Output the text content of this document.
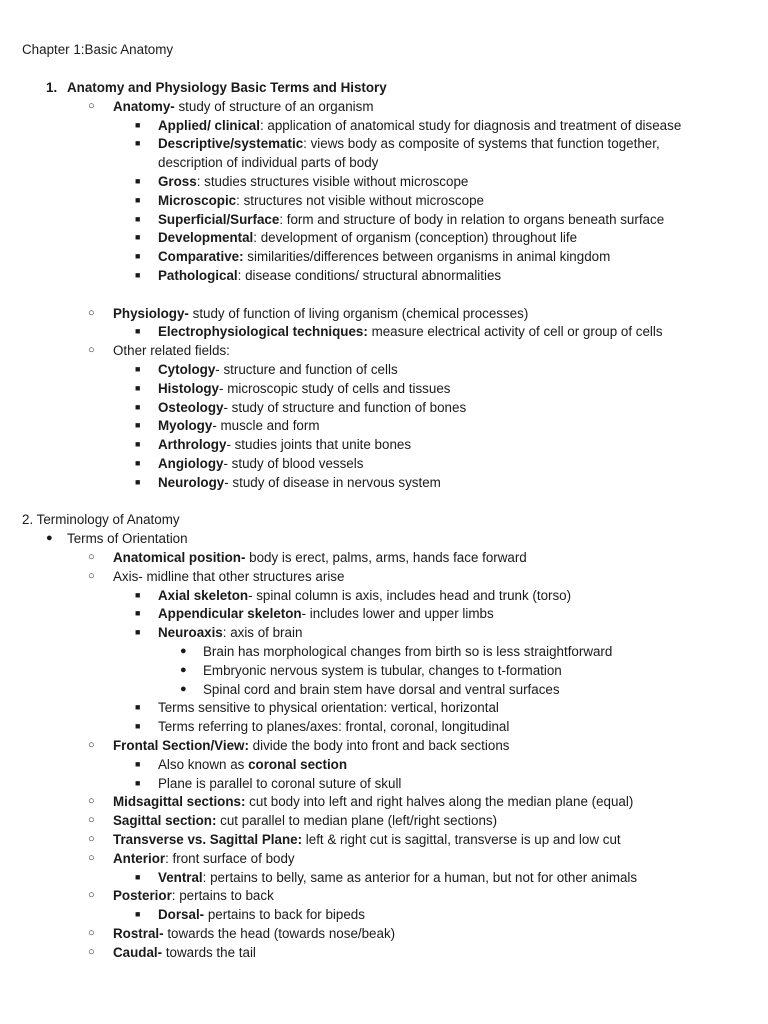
Chapter 1:Basic Anatomy
1. Anatomy and Physiology Basic Terms and History
○ Anatomy- study of structure of an organism
■ Applied/ clinical: application of anatomical study for diagnosis and treatment of disease
■ Descriptive/systematic: views body as composite of systems that function together,
description of individual parts of body
■ Gross: studies structures visible without microscope
■ Microscopic: structures not visible without microscope
■ Superficial/Surface: form and structure of body in relation to organs beneath surface
■ Developmental: development of organism (conception) throughout life
■ Comparative: similarities/differences between organisms in animal kingdom
■ Pathological: disease conditions/ structural abnormalities
○ Physiology- study of function of living organism (chemical processes)
■ Electrophysiological techniques: measure electrical activity of cell or group of cells
○ Other related fields:
■ Cytology- structure and function of cells
■ Histology- microscopic study of cells and tissues
■ Osteology- study of structure and function of bones
■ Myology- muscle and form
■ Arthrology- studies joints that unite bones
■ Angiology- study of blood vessels
■ Neurology- study of disease in nervous system
2. Terminology of Anatomy
● Terms of Orientation
○ Anatomical position- body is erect, palms, arms, hands face forward
○ Axis- midline that other structures arise
■ Axial skeleton- spinal column is axis, includes head and trunk (torso)
■ Appendicular skeleton- includes lower and upper limbs
■ Neuroaxis: axis of brain
● Brain has morphological changes from birth so is less straightforward
● Embryonic nervous system is tubular, changes to t-formation
● Spinal cord and brain stem have dorsal and ventral surfaces
■ Terms sensitive to physical orientation: vertical, horizontal
■ Terms referring to planes/axes: frontal, coronal, longitudinal
○ Frontal Section/View: divide the body into front and back sections
■ Also known as coronal section
■ Plane is parallel to coronal suture of skull
○ Midsagittal sections: cut body into left and right halves along the median plane (equal)
○ Sagittal section: cut parallel to median plane (left/right sections)
○ Transverse vs. Sagittal Plane: left & right cut is sagittal, transverse is up and low cut
○ Anterior: front surface of body
■ Ventral: pertains to belly, same as anterior for a human, but not for other animals
○ Posterior: pertains to back
■ Dorsal- pertains to back for bipeds
○ Rostral- towards the head (towards nose/beak)
○ Caudal- towards the tail
